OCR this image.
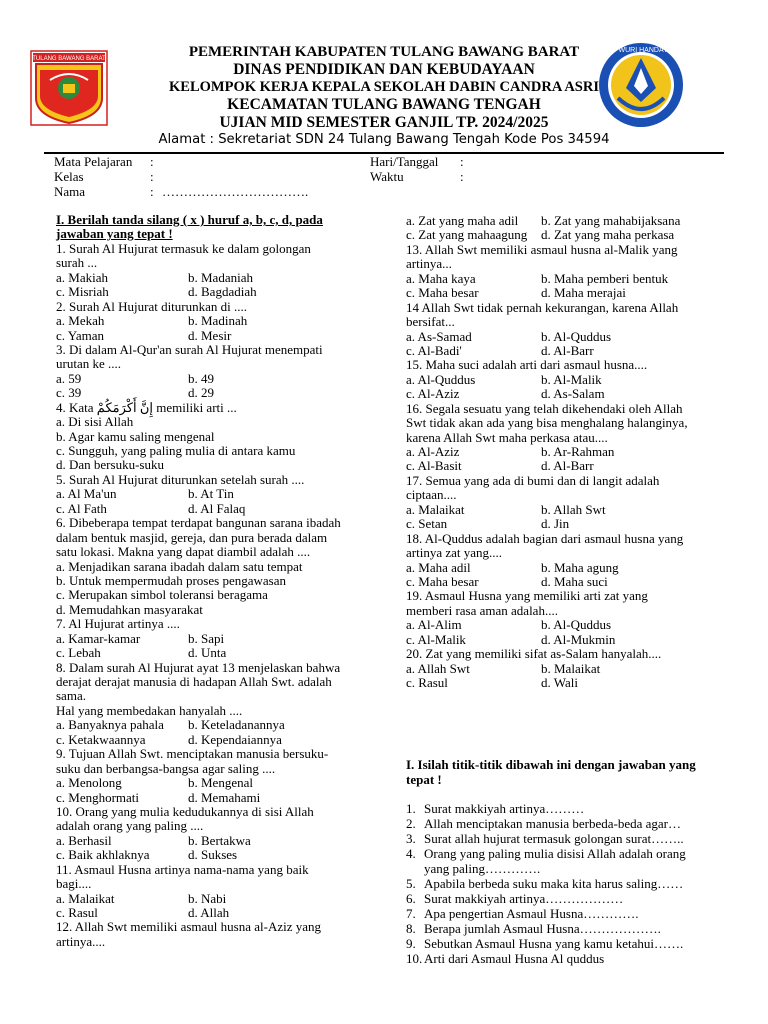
TULANG BAWANG BARAT
TUT WURI HANDAYANI
PEMERINTAH KABUPATEN TULANG BAWANG BARAT
DINAS PENDIDIKAN DAN KEBUDAYAAN
KELOMPOK KERJA KEPALA SEKOLAH DABIN CANDRA ASRI
KECAMATAN TULANG BAWANG TENGAH
UJIAN MID SEMESTER GANJIL TP. 2024/2025
Alamat : Sekretariat SDN 24 Tulang Bawang Tengah Kode Pos 34594
Mata Pelajaran :
Kelas	:
Nama	: …………………………….
Hari/Tanggal :
Waktu	:
I. Berilah tanda silang ( x ) huruf a, b, c, d, pada
jawaban yang tepat !
1. Surah Al Hujurat termasuk ke dalam golongan
surah ...
a. Makiah	b. Madaniah
c. Misriah	d. Bagdadiah
2. Surah Al Hujurat diturunkan di ....
a. Mekah	b. Madinah
c. Yaman	d. Mesir
3. Di dalam Al-Qur'an surah Al Hujurat menempati
urutan ke ....
a. 59	b. 49
c. 39	d. 29
4. Kata إِنَّ أَكْرَمَكُمْ memiliki arti ...
a. Di sisi Allah
b. Agar kamu saling mengenal
c. Sungguh, yang paling mulia di antara kamu
d. Dan bersuku-suku
5. Surah Al Hujurat diturunkan setelah surah ....
a. Al Ma'un	b. At Tin
c. Al Fath	d. Al Falaq
6. Dibeberapa tempat terdapat bangunan sarana ibadah
dalam bentuk masjid, gereja, dan pura berada dalam
satu lokasi. Makna yang dapat diambil adalah ....
a. Menjadikan sarana ibadah dalam satu tempat
b. Untuk mempermudah proses pengawasan
c. Merupakan simbol toleransi beragama
d. Memudahkan masyarakat
7. Al Hujurat artinya ....
a. Kamar-kamar	b. Sapi
c. Lebah	d. Unta
8. Dalam surah Al Hujurat ayat 13 menjelaskan bahwa
derajat derajat manusia di hadapan Allah Swt. adalah
sama.
Hal yang membedakan hanyalah ....
a. Banyaknya pahala b. Keteladanannya
c. Ketakwaannya	d. Kependaiannya
9. Tujuan Allah Swt. menciptakan manusia bersuku-
suku dan berbangsa-bangsa agar saling ....
a. Menolong	b. Mengenal
c. Menghormati	d. Memahami
10. Orang yang mulia kedudukannya di sisi Allah
adalah orang yang paling ....
a. Berhasil	b. Bertakwa
c. Baik akhlaknya	d. Sukses
11. Asmaul Husna artinya nama-nama yang baik
bagi....
a. Malaikat	b. Nabi
c. Rasul	d. Allah
12. Allah Swt memiliki asmaul husna al-Aziz yang
artinya....
a. Zat yang maha adil b. Zat yang mahabijaksana
c. Zat yang mahaagung d. Zat yang maha perkasa
13. Allah Swt memiliki asmaul husna al-Malik yang
artinya...
a. Maha kaya	b. Maha pemberi bentuk
c. Maha besar	d. Maha merajai
14 Allah Swt tidak pernah kekurangan, karena Allah
bersifat...
a. As-Samad	b. Al-Quddus
c. Al-Badi'	d. Al-Barr
15. Maha suci adalah arti dari asmaul husna....
a. Al-Quddus	b. Al-Malik
c. Al-Aziz	d. As-Salam
16. Segala sesuatu yang telah dikehendaki oleh Allah
Swt tidak akan ada yang bisa menghalang halanginya,
karena Allah Swt maha perkasa atau....
a. Al-Aziz	b. Ar-Rahman
c. Al-Basit	d. Al-Barr
17. Semua yang ada di bumi dan di langit adalah
ciptaan....
a. Malaikat	b. Allah Swt
c. Setan	d. Jin
18. Al-Quddus adalah bagian dari asmaul husna yang
artinya zat yang....
a. Maha adil	b. Maha agung
c. Maha besar	d. Maha suci
19. Asmaul Husna yang memiliki arti zat yang
memberi rasa aman adalah....
a. Al-Alim	b. Al-Quddus
c. Al-Malik	d. Al-Mukmin
20. Zat yang memiliki sifat as-Salam hanyalah....
a. Allah Swt	b. Malaikat
c. Rasul	d. Wali
I. Isilah titik-titik dibawah ini dengan jawaban yang
tepat !
1. Surat makkiyah artinya………
2. Allah menciptakan manusia berbeda-beda agar…
3. Surat allah hujurat termasuk golongan surat……..
4. Orang yang paling mulia disisi Allah adalah orang
yang paling………….
5. Apabila berbeda suku maka kita harus saling……
6. Surat makkiyah artinya………………
7. Apa pengertian Asmaul Husna………….
8. Berapa jumlah Asmaul Husna……………….
9. Sebutkan Asmaul Husna yang kamu ketahui…….
10. Arti dari Asmaul Husna Al quddus
